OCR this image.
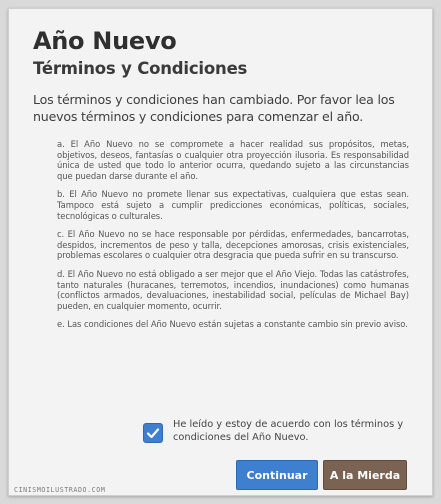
Año Nuevo
Términos y Condiciones
Los términos y condiciones han cambiado. Por favor lea los nuevos términos y condiciones para comenzar el año.

a. El Año Nuevo no se compromete a hacer realidad sus propósitos, metas, objetivos, deseos, fantasías o cualquier otra proyección ilusoria. Es responsabilidad única de usted que todo lo anterior ocurra, quedando sujeto a las circunstancias que puedan darse durante el año.

b. El Año Nuevo no promete llenar sus expectativas, cualquiera que estas sean. Tampoco está sujeto a cumplir predicciones económicas, políticas, sociales, tecnológicas o culturales.

c. El Año Nuevo no se hace responsable por pérdidas, enfermedades, bancarrotas, despidos, incrementos de peso y talla, decepciones amorosas, crisis existenciales, problemas escolares o cualquier otra desgracia que pueda sufrir en su transcurso.

d. El Año Nuevo no está obligado a ser mejor que el Año Viejo. Todas las catástrofes, tanto naturales (huracanes, terremotos, incendios, inundaciones) como humanas (conflictos armados, devaluaciones, inestabilidad social, películas de Michael Bay) pueden, en cualquier momento, ocurrir.

e. Las condiciones del Año Nuevo están sujetas a constante cambio sin previo aviso.

He leído y estoy de acuerdo con los términos y condiciones del Año Nuevo.
Continuar	A la Mierda
CINISMOILUSTRADO.COM
